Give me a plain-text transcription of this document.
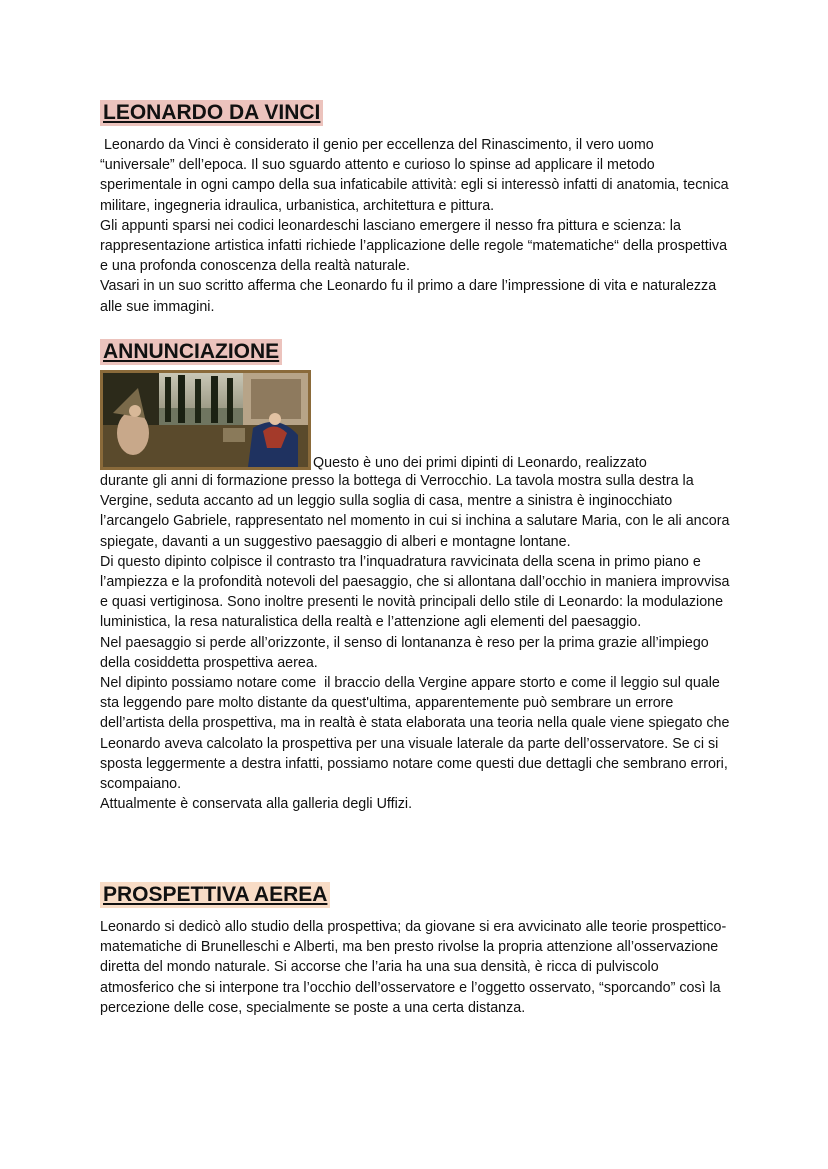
LEONARDO DA VINCI

Leonardo da Vinci è considerato il genio per eccellenza del Rinascimento, il vero uomo “universale” dell’epoca. Il suo sguardo attento e curioso lo spinse ad applicare il metodo sperimentale in ogni campo della sua infaticabile attività: egli si interessò infatti di anatomia, tecnica militare, ingegneria idraulica, urbanistica, architettura e pittura.

Gli appunti sparsi nei codici leonardeschi lasciano emergere il nesso fra pittura e scienza: la rappresentazione artistica infatti richiede l’applicazione delle regole “matematiche“ della prospettiva e una profonda conoscenza della realtà naturale.

Vasari in un suo scritto afferma che Leonardo fu il primo a dare l’impressione di vita e naturalezza alle sue immagini.

ANNUNCIAZIONE
Questo è uno dei primi dipinti di Leonardo, realizzato

durante gli anni di formazione presso la bottega di Verrocchio. La tavola mostra sulla destra la Vergine, seduta accanto ad un leggio sulla soglia di casa, mentre a sinistra è inginocchiato l’arcangelo Gabriele, rappresentato nel momento in cui si inchina a salutare Maria, con le ali ancora spiegate, davanti a un suggestivo paesaggio di alberi e montagne lontane.

Di questo dipinto colpisce il contrasto tra l’inquadratura ravvicinata della scena in primo piano e l’ampiezza e la profondità notevoli del paesaggio, che si allontana dall’occhio in maniera improvvisa e quasi vertiginosa. Sono inoltre presenti le novità principali dello stile di Leonardo: la modulazione luministica, la resa naturalistica della realtà e l’attenzione agli elementi del paesaggio.

Nel paesaggio si perde all’orizzonte, il senso di lontananza è reso per la prima grazie all’impiego della cosiddetta prospettiva aerea.

Nel dipinto possiamo notare come  il braccio della Vergine appare storto e come il leggio sul quale sta leggendo pare molto distante da quest'ultima, apparentemente può sembrare un errore dell’artista della prospettiva, ma in realtà è stata elaborata una teoria nella quale viene spiegato che Leonardo aveva calcolato la prospettiva per una visuale laterale da parte dell’osservatore. Se ci si sposta leggermente a destra infatti, possiamo notare come questi due dettagli che sembrano errori, scompaiano.

Attualmente è conservata alla galleria degli Uffizi.

PROSPETTIVA AEREA

Leonardo si dedicò allo studio della prospettiva; da giovane si era avvicinato alle teorie prospettico-matematiche di Brunelleschi e Alberti, ma ben presto rivolse la propria attenzione all’osservazione diretta del mondo naturale. Si accorse che l’aria ha una sua densità, è ricca di pulviscolo atmosferico che si interpone tra l’occhio dell’osservatore e l’oggetto osservato, “sporcando” così la percezione delle cose, specialmente se poste a una certa distanza.
